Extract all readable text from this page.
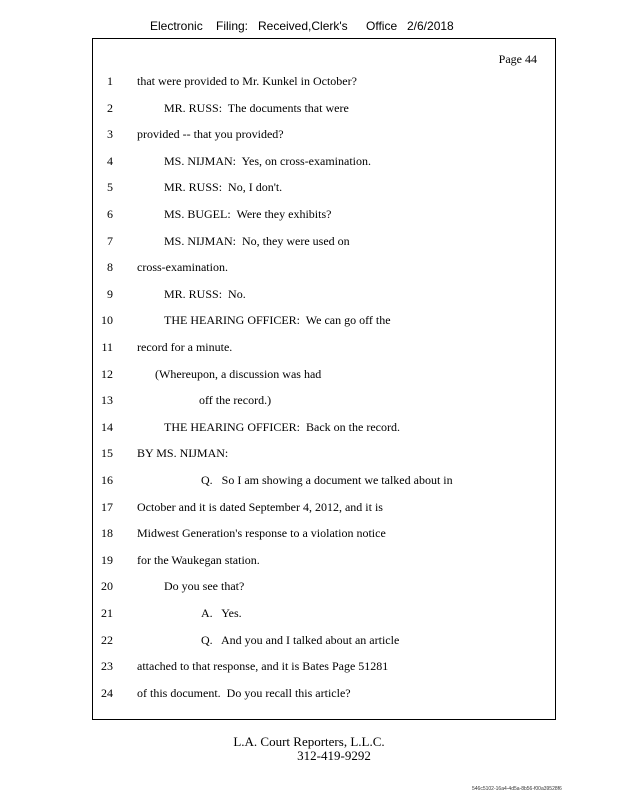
Electronic Filing: Received,Clerk's Office 2/6/2018
Page 44
1 that were provided to Mr. Kunkel in October?
2	MR. RUSS:  The documents that were
3 provided -- that you provided?
4	MS. NIJMAN:  Yes, on cross-examination.
5	MR. RUSS:  No, I don't.
6	MS. BUGEL:  Were they exhibits?
7	MS. NIJMAN:  No, they were used on
8 cross-examination.
9	MR. RUSS:  No.
10	THE HEARING OFFICER:  We can go off the
11 record for a minute.
12	(Whereupon, a discussion was had
13	off the record.)
14	THE HEARING OFFICER:  Back on the record.
15 BY MS. NIJMAN:
16	Q.   So I am showing a document we talked about in
17 October and it is dated September 4, 2012, and it is
18 Midwest Generation's response to a violation notice
19 for the Waukegan station.
20	Do you see that?
21	A.   Yes.
22	Q.   And you and I talked about an article
23 attached to that response, and it is Bates Page 51281
24 of this document.  Do you recall this article?
L.A. Court Reporters, L.L.C.
312-419-9292
546c5102-16a4-4d5a-8b56-f00a39528f6
